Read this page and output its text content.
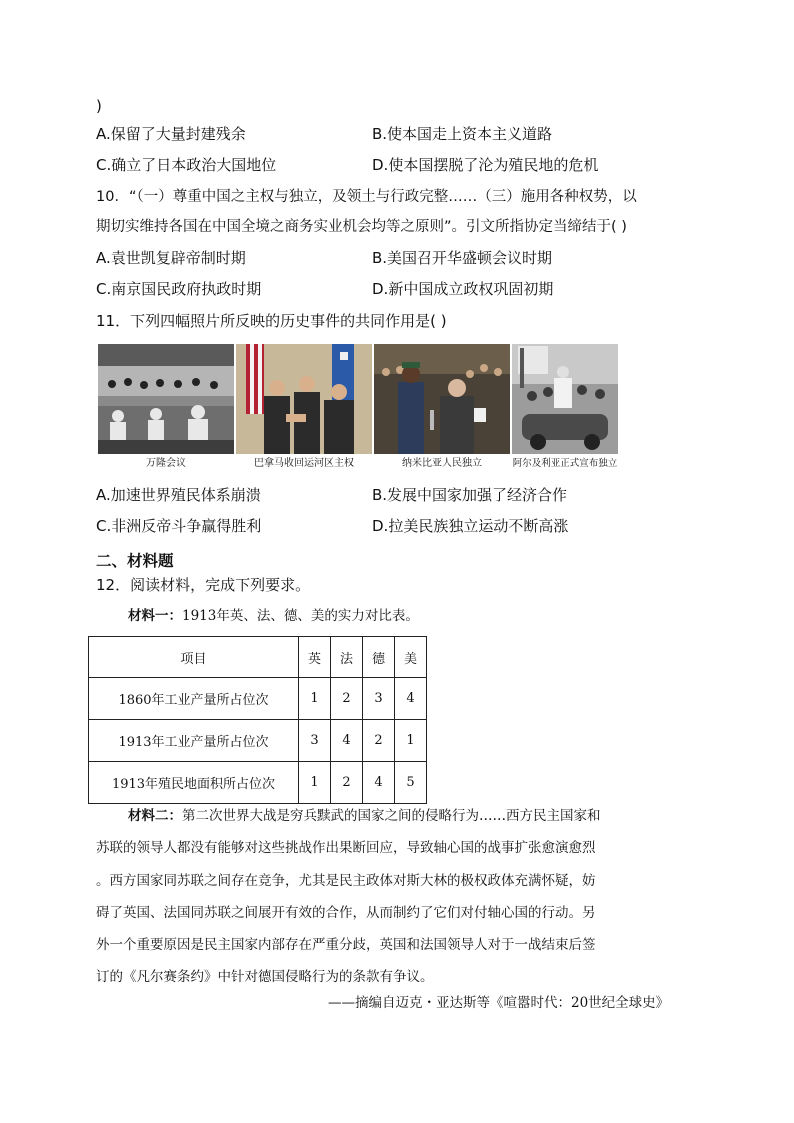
)
A.保留了大量封建残余	B.使本国走上资本主义道路
C.确立了日本政治大国地位	D.使本国摆脱了沦为殖民地的危机
10．“（一）尊重中国之主权与独立，及领土与行政完整……（三）施用各种权势，以
期切实维持各国在中国全境之商务实业机会均等之原则”。引文所指协定当缔结于( )
A.袁世凯复辟帝制时期	B.美国召开华盛顿会议时期
C.南京国民政府执政时期	D.新中国成立政权巩固初期
11．下列四幅照片所反映的历史事件的共同作用是( )
万隆会议	巴拿马收回运河区主权	纳米比亚人民独立	阿尔及利亚正式宣布独立
A.加速世界殖民体系崩溃	B.发展中国家加强了经济合作
C.非洲反帝斗争赢得胜利	D.拉美民族独立运动不断高涨
二、材料题
12．阅读材料，完成下列要求。
材料一：1913年英、法、德、美的实力对比表。
项目	英	法	德	美
1860年工业产量所占位次	1	2	3	4
1913年工业产量所占位次	3	4	2	1
1913年殖民地面积所占位次	1	2	4	5
材料二：第二次世界大战是穷兵黩武的国家之间的侵略行为……西方民主国家和
苏联的领导人都没有能够对这些挑战作出果断回应，导致轴心国的战事扩张愈演愈烈
。西方国家同苏联之间存在竞争，尤其是民主政体对斯大林的极权政体充满怀疑，妨
碍了英国、法国同苏联之间展开有效的合作，从而制约了它们对付轴心国的行动。另
外一个重要原因是民主国家内部存在严重分歧，英国和法国领导人对于一战结束后签
订的《凡尔赛条约》中针对德国侵略行为的条款有争议。
——摘编自迈克・亚达斯等《喧嚣时代：20世纪全球史》
